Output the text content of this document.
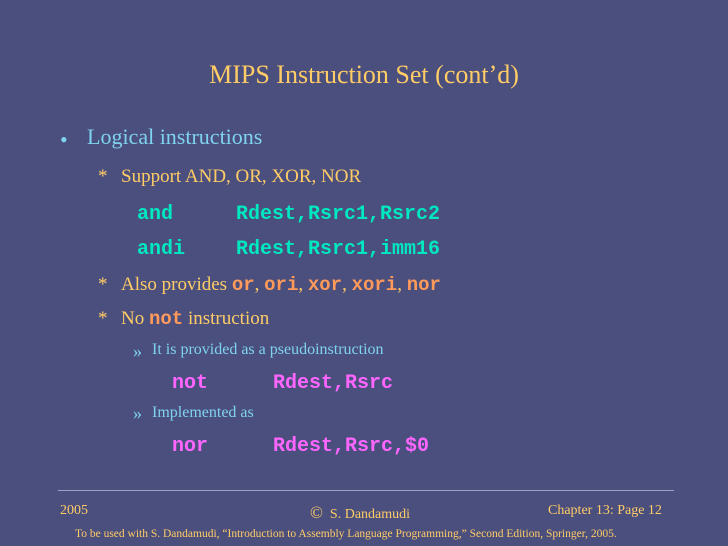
MIPS Instruction Set (cont’d)
• Logical instructions
* Support AND, OR, XOR, NOR
and	Rdest,Rsrc1,Rsrc2
andi	Rdest,Rsrc1,imm16
* Also provides or, ori, xor, xori, nor
* No not instruction
» It is provided as a pseudoinstruction
not	Rdest,Rsrc
» Implemented as
nor	Rdest,Rsrc,$0
2005	© S. Dandamudi	Chapter 13: Page 12
To be used with S. Dandamudi, “Introduction to Assembly Language Programming,” Second Edition, Springer, 2005.
